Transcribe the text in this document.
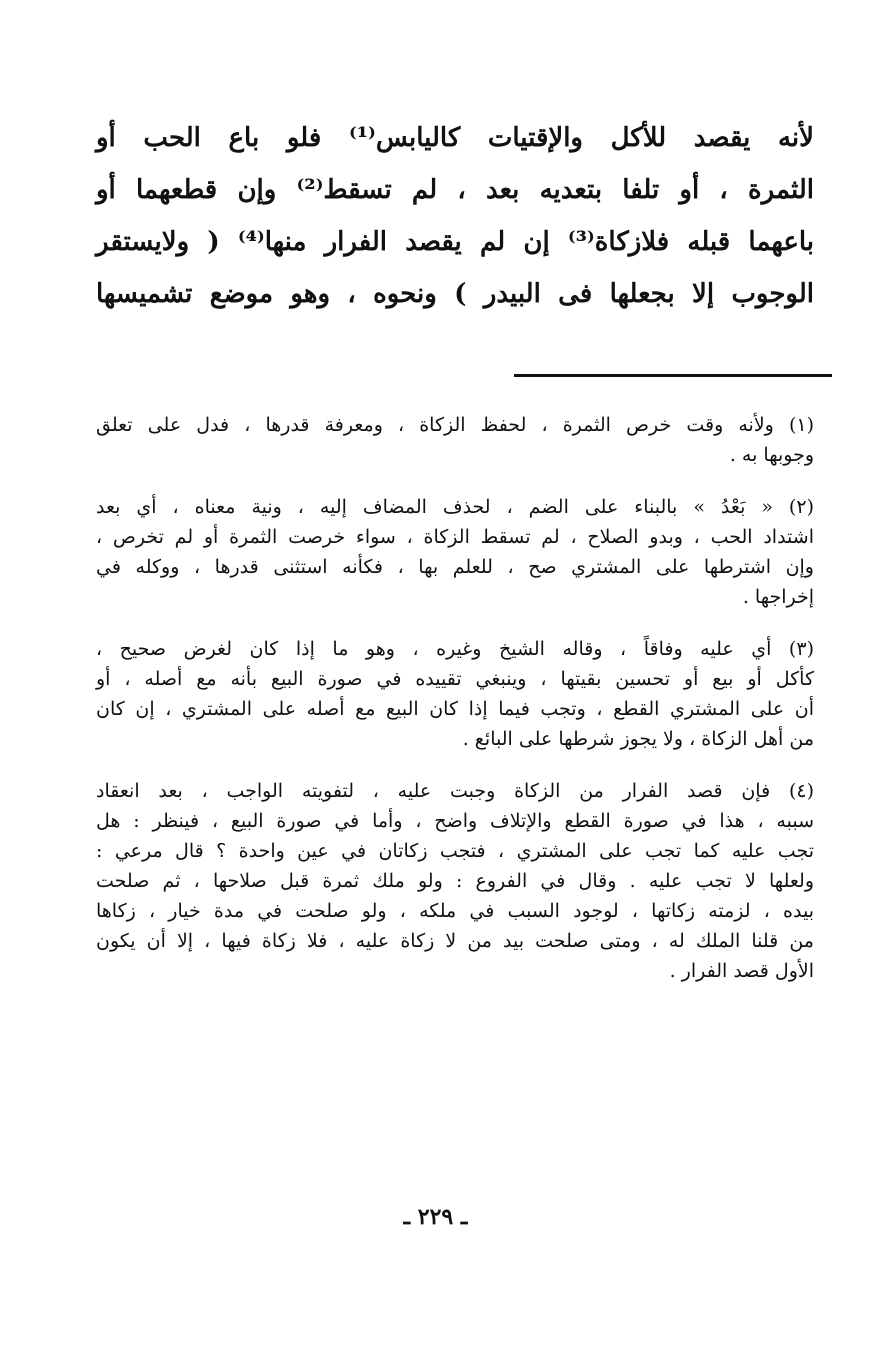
لأنه يقصد للأكل والإقتيات كاليابس⁽¹⁾ فلو باع الحب أو
الثمرة ، أو تلفا بتعديه بعد ، لم تسقط⁽²⁾ وإن قطعهما أو
باعهما قبله فلازكاة⁽³⁾ إن لم يقصد الفرار منها⁽⁴⁾ ( ولايستقر
الوجوب إلا بجعلها فى البيدر ) ونحوه ، وهو موضع تشميسها
(١) ولأنه وقت خرص الثمرة ، لحفظ الزكاة ، ومعرفة قدرها ، فدل على تعلق
وجوبها به .
(٢) « بَعْدُ » بالبناء على الضم ، لحذف المضاف إليه ، ونية معناه ، أي بعد
اشتداد الحب ، وبدو الصلاح ، لم تسقط الزكاة ، سواء خرصت الثمرة أو لم تخرص ،
وإن اشترطها على المشتري صح ، للعلم بها ، فكأنه استثنى قدرها ، ووكله في
إخراجها .
(٣) أي عليه وفاقاً ، وقاله الشيخ وغيره ، وهو ما إذا كان لغرض صحيح ،
كأكل أو بيع أو تحسين بقيتها ، وينبغي تقييده في صورة البيع بأنه مع أصله ، أو
أن على المشتري القطع ، وتجب فيما إذا كان البيع مع أصله على المشتري ، إن كان
من أهل الزكاة ، ولا يجوز شرطها على البائع .
(٤) فإن قصد الفرار من الزكاة وجبت عليه ، لتفويته الواجب ، بعد انعقاد
سببه ، هذا في صورة القطع والإتلاف واضح ، وأما في صورة البيع ، فينظر : هل
تجب عليه كما تجب على المشتري ، فتجب زكاتان في عين واحدة ؟ قال مرعي :
ولعلها لا تجب عليه . وقال في الفروع : ولو ملك ثمرة قبل صلاحها ، ثم صلحت
بيده ، لزمته زكاتها ، لوجود السبب في ملكه ، ولو صلحت في مدة خيار ، زكاها
من قلنا الملك له ، ومتى صلحت بيد من لا زكاة عليه ، فلا زكاة فيها ، إلا أن يكون
الأول قصد الفرار .
ـ ٢٢٩ ـ
